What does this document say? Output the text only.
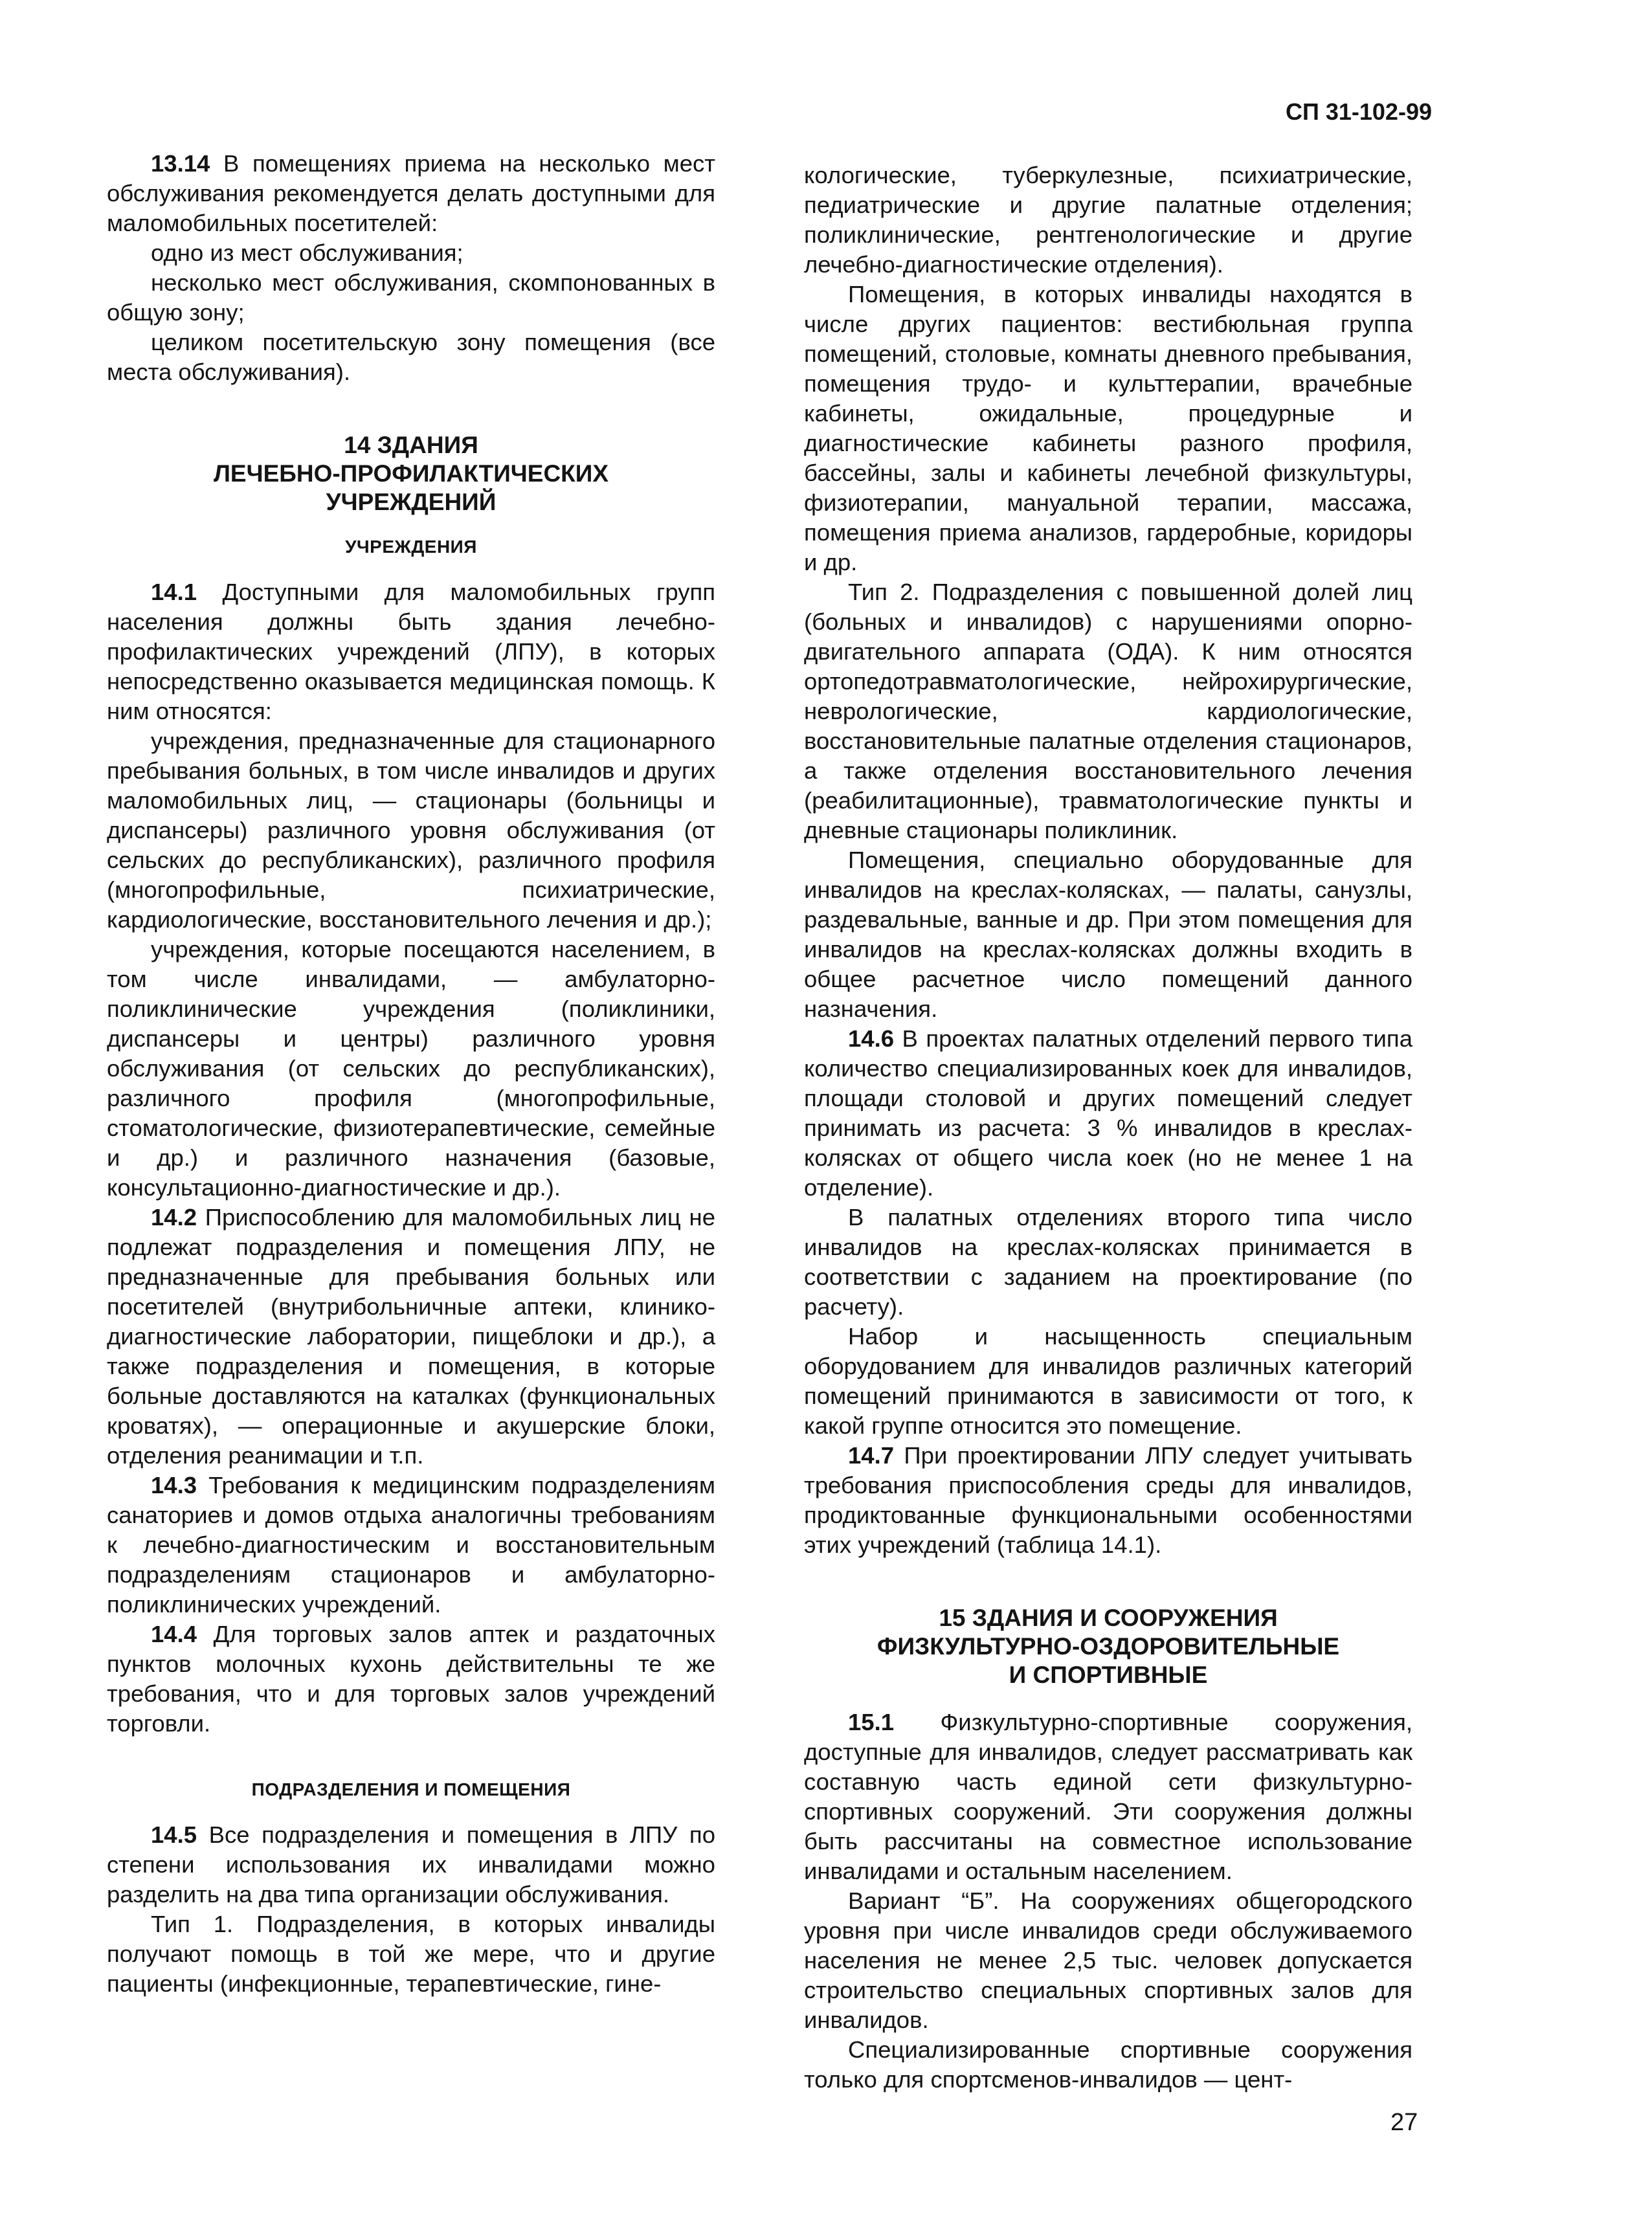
СП 31-102-99

13.14 В помещениях приема на несколько мест обслуживания рекомендуется делать доступными для маломобильных посетителей:

одно из мест обслуживания;

несколько мест обслуживания, скомпонованных в общую зону;

целиком посетительскую зону помещения (все места обслуживания).

14 ЗДАНИЯ
ЛЕЧЕБНО-ПРОФИЛАКТИЧЕСКИХ
УЧРЕЖДЕНИЙ
УЧРЕЖДЕНИЯ

14.1 Доступными для маломобильных групп населения должны быть здания лечебно-профилактических учреждений (ЛПУ), в которых непосредственно оказывается медицинская помощь. К ним относятся:

учреждения, предназначенные для стационарного пребывания больных, в том числе инвалидов и других маломобильных лиц, — стационары (больницы и диспансеры) различного уровня обслуживания (от сельских до республиканских), различного профиля (многопрофильные, психиатрические, кардиологические, восстановительного лечения и др.);

учреждения, которые посещаются населением, в том числе инвалидами, — амбулаторно-поликлинические учреждения (поликлиники, диспансеры и центры) различного уровня обслуживания (от сельских до республиканских), различного профиля (многопрофильные, стоматологические, физиотерапевтические, семейные и др.) и различного назначения (базовые, консультационно-диагностические и др.).

14.2 Приспособлению для маломобильных лиц не подлежат подразделения и помещения ЛПУ, не предназначенные для пребывания больных или посетителей (внутрибольничные аптеки, клинико-диагностические лаборатории, пищеблоки и др.), а также подразделения и помещения, в которые больные доставляются на каталках (функциональных кроватях), — операционные и акушерские блоки, отделения реанимации и т.п.

14.3 Требования к медицинским подразделениям санаториев и домов отдыха аналогичны требованиям к лечебно-диагностическим и восстановительным подразделениям стационаров и амбулаторно-поликлинических учреждений.

14.4 Для торговых залов аптек и раздаточных пунктов молочных кухонь действительны те же требования, что и для торговых залов учреждений торговли.

ПОДРАЗДЕЛЕНИЯ И ПОМЕЩЕНИЯ

14.5 Все подразделения и помещения в ЛПУ по степени использования их инвалидами можно разделить на два типа организации обслуживания.

Тип 1. Подразделения, в которых инвалиды получают помощь в той же мере, что и другие пациенты (инфекционные, терапевтические, гине-

кологические, туберкулезные, психиатрические, педиатрические и другие палатные отделения; поликлинические, рентгенологические и другие лечебно-диагностические отделения).

Помещения, в которых инвалиды находятся в числе других пациентов: вестибюльная группа помещений, столовые, комнаты дневного пребывания, помещения трудо- и культтерапии, врачебные кабинеты, ожидальные, процедурные и диагностические кабинеты разного профиля, бассейны, залы и кабинеты лечебной физкультуры, физиотерапии, мануальной терапии, массажа, помещения приема анализов, гардеробные, коридоры и др.

Тип 2. Подразделения с повышенной долей лиц (больных и инвалидов) с нарушениями опорно-двигательного аппарата (ОДА). К ним относятся ортопедотравматологические, нейрохирургические, неврологические, кардиологические, восстановительные палатные отделения стационаров, а также отделения восстановительного лечения (реабилитационные), травматологические пункты и дневные стационары поликлиник.

Помещения, специально оборудованные для инвалидов на креслах-колясках, — палаты, санузлы, раздевальные, ванные и др. При этом помещения для инвалидов на креслах-колясках должны входить в общее расчетное число помещений данного назначения.

14.6 В проектах палатных отделений первого типа количество специализированных коек для инвалидов, площади столовой и других помещений следует принимать из расчета: 3 % инвалидов в креслах-колясках от общего числа коек (но не менее 1 на отделение).

В палатных отделениях второго типа число инвалидов на креслах-колясках принимается в соответствии с заданием на проектирование (по расчету).

Набор и насыщенность специальным оборудованием для инвалидов различных категорий помещений принимаются в зависимости от того, к какой группе относится это помещение.

14.7 При проектировании ЛПУ следует учитывать требования приспособления среды для инвалидов, продиктованные функциональными особенностями этих учреждений (таблица 14.1).

15 ЗДАНИЯ И СООРУЖЕНИЯ
ФИЗКУЛЬТУРНО-ОЗДОРОВИТЕЛЬНЫЕ
И СПОРТИВНЫЕ

15.1 Физкультурно-спортивные сооружения, доступные для инвалидов, следует рассматривать как составную часть единой сети физкультурно-спортивных сооружений. Эти сооружения должны быть рассчитаны на совместное использование инвалидами и остальным населением.

Вариант “Б”. На сооружениях общегородского уровня при числе инвалидов среди обслуживаемого населения не менее 2,5 тыс. человек допускается строительство специальных спортивных залов для инвалидов.

Специализированные спортивные сооружения только для спортсменов-инвалидов — цент-

27
